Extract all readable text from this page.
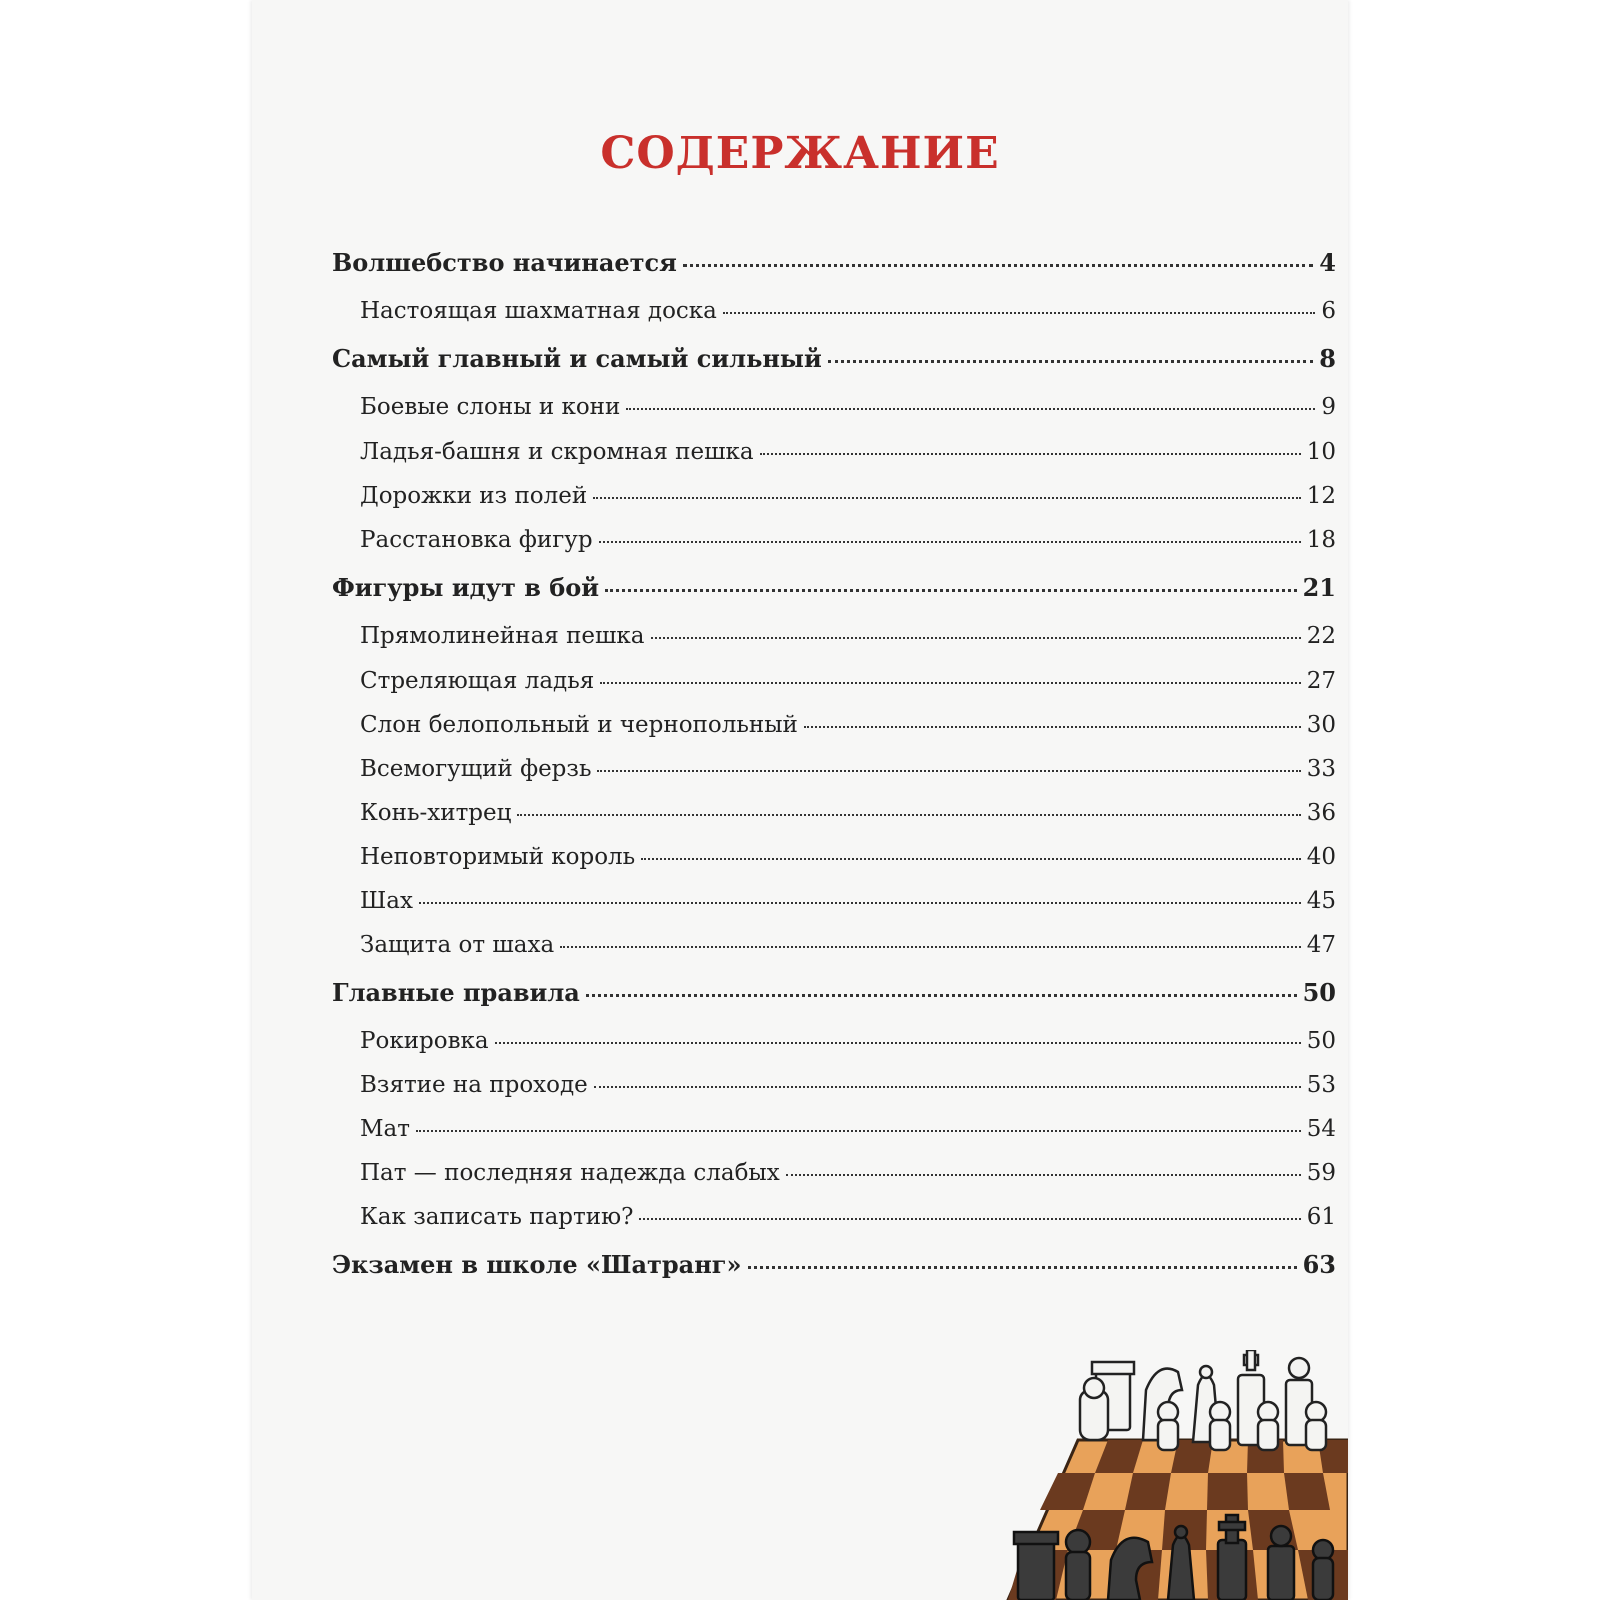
СОДЕРЖАНИЕ
Волшебство начинается	4
Настоящая шахматная доска	6
Самый главный и самый сильный	8
Боевые слоны и кони	9
Ладья-башня и скромная пешка	10
Дорожки из полей	12
Расстановка фигур	18
Фигуры идут в бой	21
Прямолинейная пешка	22
Стреляющая ладья	27
Слон белопольный и чернопольный	30
Всемогущий ферзь	33
Конь-хитрец	36
Неповторимый король	40
Шах	45
Защита от шаха	47
Главные правила	50
Рокировка	50
Взятие на проходе	53
Мат	54
Пат — последняя надежда слабых	59
Как записать партию?	61
Экзамен в школе «Шатранг»	63
